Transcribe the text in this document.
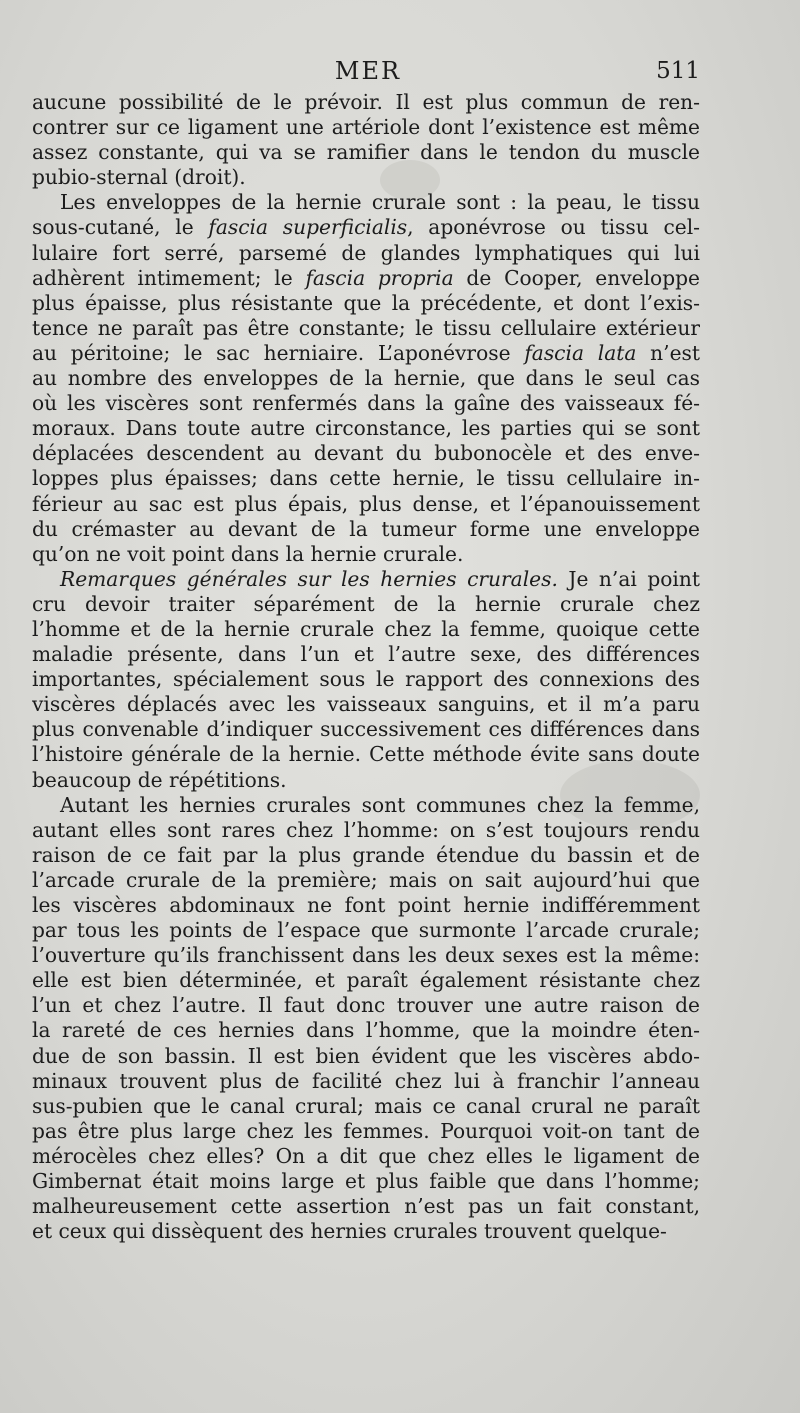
MER	511
aucune possibilité de le prévoir. Il est plus commun de ren-
contrer sur ce ligament une artériole dont l’existence est même
assez constante, qui va se ramifier dans le tendon du muscle
pubio-sternal (droit).
Les enveloppes de la hernie crurale sont : la peau, le tissu
sous-cutané, le fascia superficialis, aponévrose ou tissu cel-
lulaire fort serré, parsemé de glandes lymphatiques qui lui
adhèrent intimement; le fascia propria de Cooper, enveloppe
plus épaisse, plus résistante que la précédente, et dont l’exis-
tence ne paraît pas être constante; le tissu cellulaire extérieur
au péritoine; le sac herniaire. L’aponévrose fascia lata n’est
au nombre des enveloppes de la hernie, que dans le seul cas
où les viscères sont renfermés dans la gaîne des vaisseaux fé-
moraux. Dans toute autre circonstance, les parties qui se sont
déplacées descendent au devant du bubonocèle et des enve-
loppes plus épaisses; dans cette hernie, le tissu cellulaire in-
férieur au sac est plus épais, plus dense, et l’épanouissement
du crémaster au devant de la tumeur forme une enveloppe
qu’on ne voit point dans la hernie crurale.
Remarques générales sur les hernies crurales. Je n’ai point
cru devoir traiter séparément de la hernie crurale chez
l’homme et de la hernie crurale chez la femme, quoique cette
maladie présente, dans l’un et l’autre sexe, des différences
importantes, spécialement sous le rapport des connexions des
viscères déplacés avec les vaisseaux sanguins, et il m’a paru
plus convenable d’indiquer successivement ces différences dans
l’histoire générale de la hernie. Cette méthode évite sans doute
beaucoup de répétitions.
Autant les hernies crurales sont communes chez la femme,
autant elles sont rares chez l’homme: on s’est toujours rendu
raison de ce fait par la plus grande étendue du bassin et de
l’arcade crurale de la première; mais on sait aujourd’hui que
les viscères abdominaux ne font point hernie indifféremment
par tous les points de l’espace que surmonte l’arcade crurale;
l’ouverture qu’ils franchissent dans les deux sexes est la même:
elle est bien déterminée, et paraît également résistante chez
l’un et chez l’autre. Il faut donc trouver une autre raison de
la rareté de ces hernies dans l’homme, que la moindre éten-
due de son bassin. Il est bien évident que les viscères abdo-
minaux trouvent plus de facilité chez lui à franchir l’anneau
sus-pubien que le canal crural; mais ce canal crural ne paraît
pas être plus large chez les femmes. Pourquoi voit-on tant de
mérocèles chez elles? On a dit que chez elles le ligament de
Gimbernat était moins large et plus faible que dans l’homme;
malheureusement cette assertion n’est pas un fait constant,
et ceux qui dissèquent des hernies crurales trouvent quelque-
